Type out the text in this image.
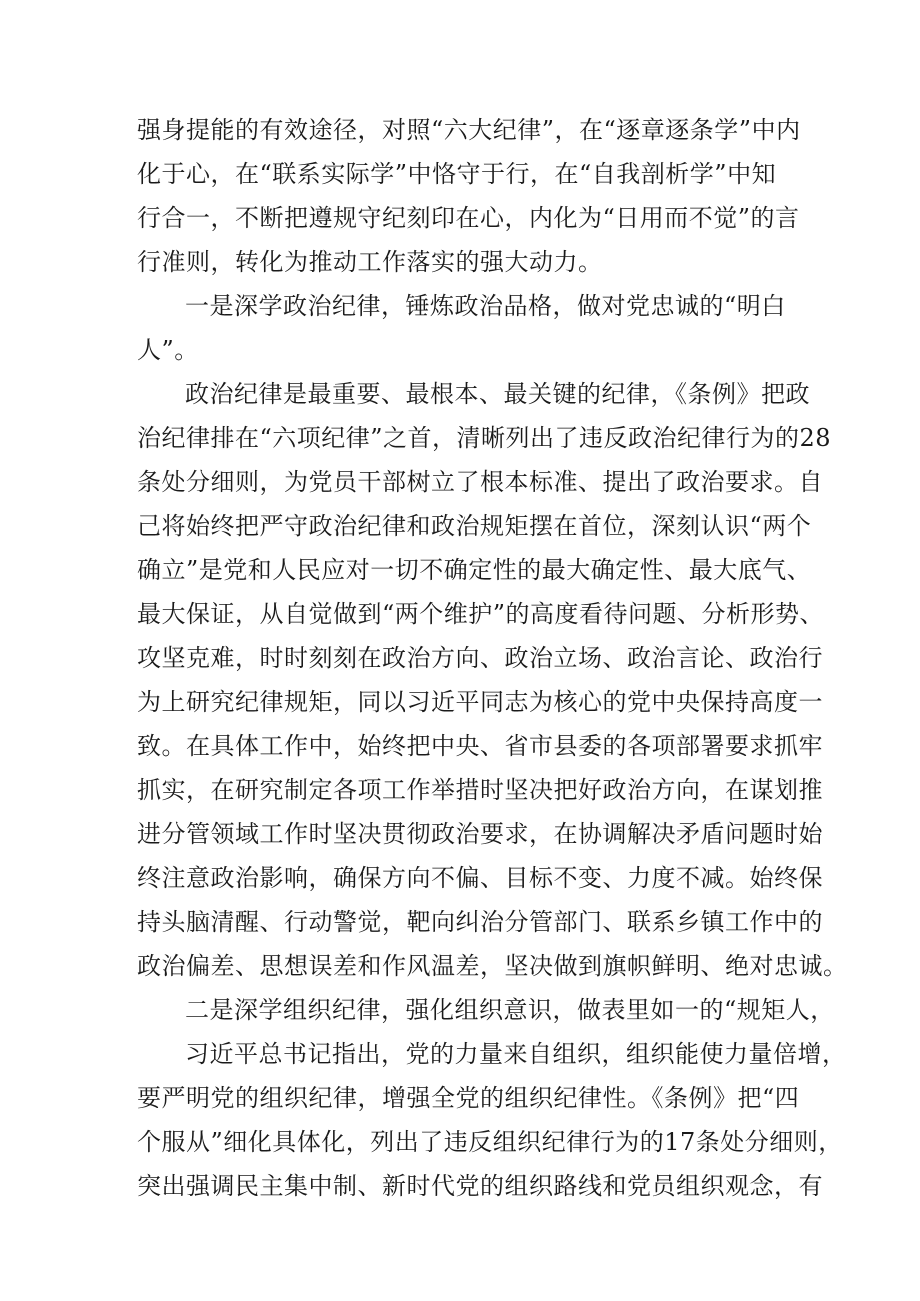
强身提能的有效途径，对照“六大纪律”，在“逐章逐条学”中内
化于心，在“联系实际学”中恪守于行，在“自我剖析学”中知
行合一，不断把遵规守纪刻印在心，内化为“日用而不觉”的言
行准则，转化为推动工作落实的强大动力。
一是深学政治纪律，锤炼政治品格，做对党忠诚的“明白
人”。
政治纪律是最重要、最根本、最关键的纪律，《条例》把政
治纪律排在“六项纪律”之首，清晰列出了违反政治纪律行为的28
条处分细则，为党员干部树立了根本标准、提出了政治要求。自
己将始终把严守政治纪律和政治规矩摆在首位，深刻认识“两个
确立”是党和人民应对一切不确定性的最大确定性、最大底气、
最大保证，从自觉做到“两个维护”的高度看待问题、分析形势、
攻坚克难，时时刻刻在政治方向、政治立场、政治言论、政治行
为上研究纪律规矩，同以习近平同志为核心的党中央保持高度一
致。在具体工作中，始终把中央、省市县委的各项部署要求抓牢
抓实，在研究制定各项工作举措时坚决把好政治方向，在谋划推
进分管领域工作时坚决贯彻政治要求，在协调解决矛盾问题时始
终注意政治影响，确保方向不偏、目标不变、力度不减。始终保
持头脑清醒、行动警觉，靶向纠治分管部门、联系乡镇工作中的
政治偏差、思想误差和作风温差，坚决做到旗帜鲜明、绝对忠诚。
二是深学组织纪律，强化组织意识，做表里如一的“规矩人，
习近平总书记指出，党的力量来自组织，组织能使力量倍增，
要严明党的组织纪律，增强全党的组织纪律性。《条例》把“四
个服从”细化具体化，列出了违反组织纪律行为的17条处分细则，
突出强调民主集中制、新时代党的组织路线和党员组织观念，有
